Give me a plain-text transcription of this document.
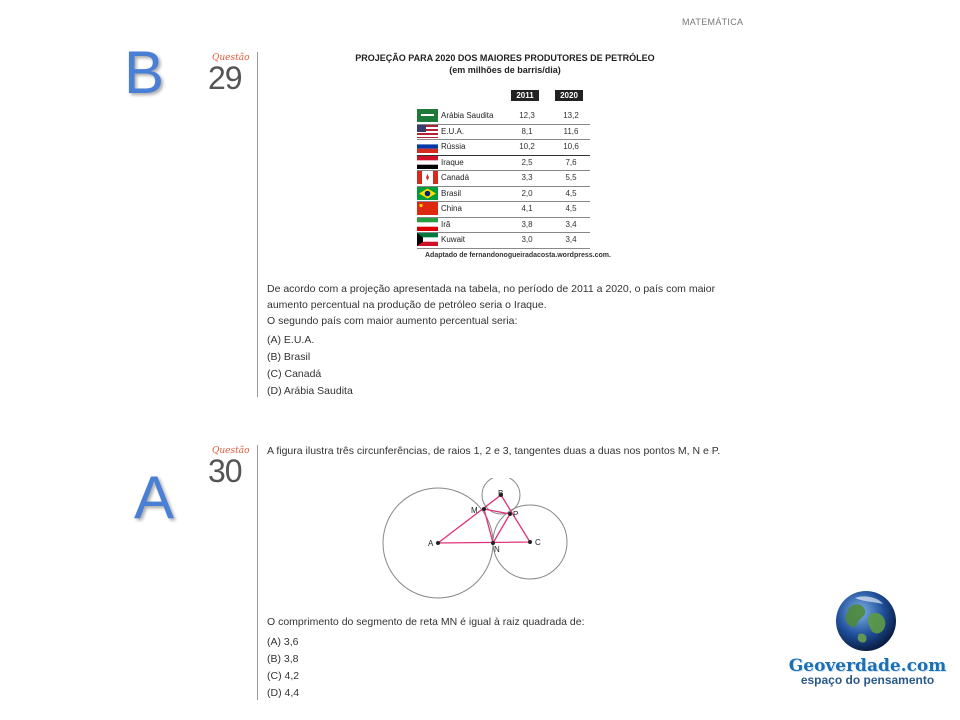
MATEMÁTICA
B	Questão
29
PROJEÇÃO PARA 2020 DOS MAIORES PRODUTORES DE PETRÓLEO
(em milhões de barris/dia)
2011	2020
Arábia Saudita	12,3	13,2
E.U.A.	8,1	11,6
Rússia	10,2	10,6
Iraque	2,5	7,6
Canadá	3,3	5,5
Brasil	2,0	4,5
China	4,1	4,5
Irã	3,8	3,4
Kuwait	3,0	3,4
Adaptado de fernandonogueiradacosta.wordpress.com.
De acordo com a projeção apresentada na tabela, no período de 2011 a 2020, o país com maior
aumento percentual na produção de petróleo seria o Iraque.
O segundo país com maior aumento percentual seria:
(A) E.U.A.
(B) Brasil
(C) Canadá
(D) Arábia Saudita
A
Questão
30
A figura ilustra três circunferências, de raios 1, 2 e 3, tangentes duas a duas nos pontos M, N e P.
A
B
C
M
N
P
O comprimento do segmento de reta MN é igual à raiz quadrada de:
(A) 3,6
(B) 3,8
(C) 4,2
(D) 4,4
Geoverdade.com
espaço do pensamento
